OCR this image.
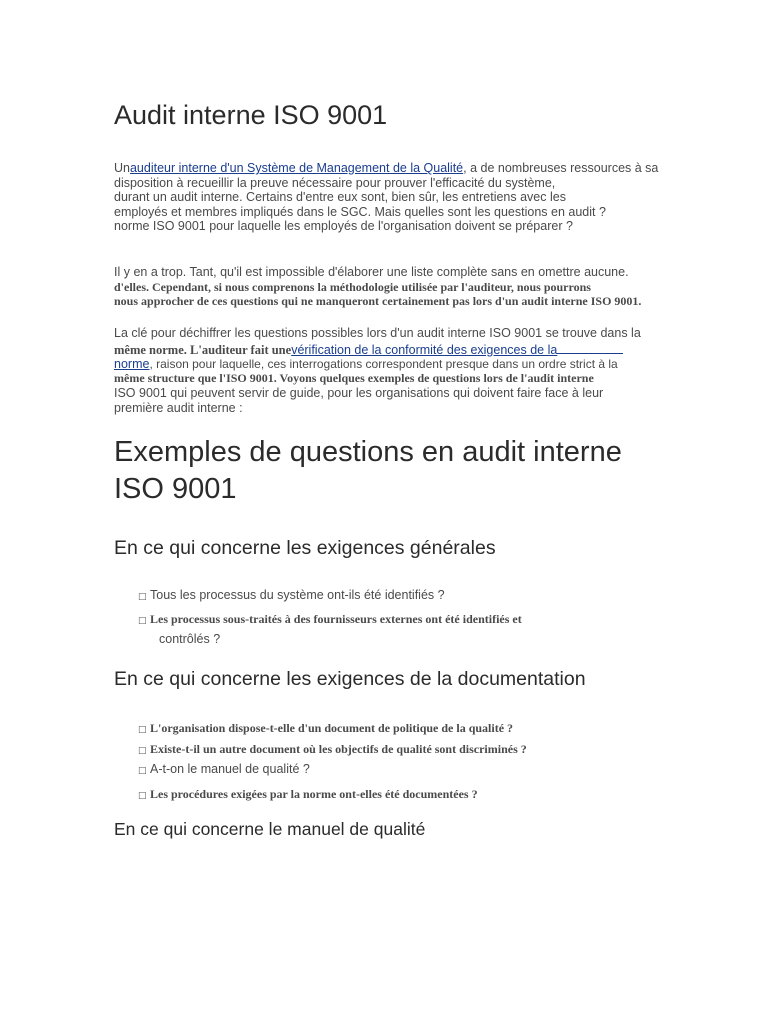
Audit interne ISO 9001
Unauditeur interne d'un Système de Management de la Qualité, a de nombreuses ressources à sa
disposition à recueillir la preuve nécessaire pour prouver l'efficacité du système,
durant un audit interne. Certains d'entre eux sont, bien sûr, les entretiens avec les
employés et membres impliqués dans le SGC. Mais quelles sont les questions en audit ?
norme ISO 9001 pour laquelle les employés de l'organisation doivent se préparer ?
Il y en a trop. Tant, qu'il est impossible d'élaborer une liste complète sans en omettre aucune.
d'elles. Cependant, si nous comprenons la méthodologie utilisée par l'auditeur, nous pourrons
nous approcher de ces questions qui ne manqueront certainement pas lors d'un audit interne ISO 9001.
La clé pour déchiffrer les questions possibles lors d'un audit interne ISO 9001 se trouve dans la
même norme. L'auditeur fait unevérification de la conformité des exigences de la
norme, raison pour laquelle, ces interrogations correspondent presque dans un ordre strict à la
même structure que l'ISO 9001. Voyons quelques exemples de questions lors de l'audit interne
ISO 9001 qui peuvent servir de guide, pour les organisations qui doivent faire face à leur
première audit interne :
Exemples de questions en audit interne
ISO 9001
En ce qui concerne les exigences générales
□ Tous les processus du système ont-ils été identifiés ?
□ Les processus sous-traités à des fournisseurs externes ont été identifiés et
contrôlés ?
En ce qui concerne les exigences de la documentation
□ L'organisation dispose-t-elle d'un document de politique de la qualité ?
□ Existe-t-il un autre document où les objectifs de qualité sont discriminés ?
□ A-t-on le manuel de qualité ?
□ Les procédures exigées par la norme ont-elles été documentées ?
En ce qui concerne le manuel de qualité
